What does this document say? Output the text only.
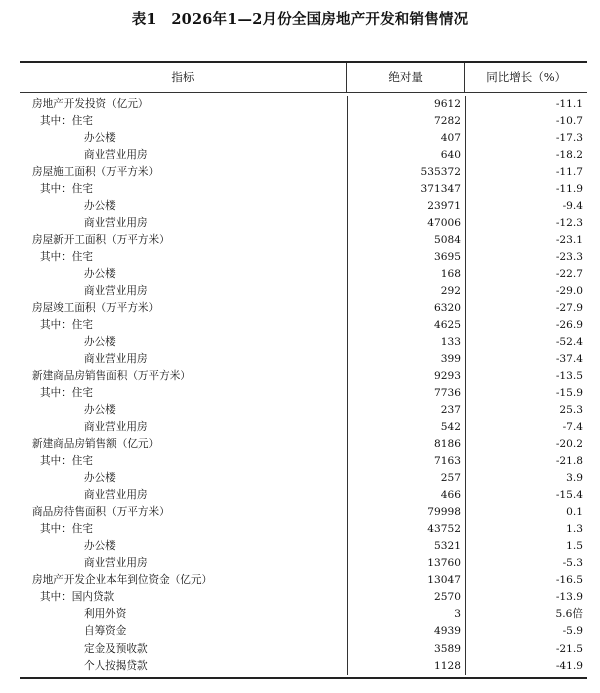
表1　2026年1—2月份全国房地产开发和销售情况
指标	绝对量	同比增长（%）
房地产开发投资（亿元）	9612	-11.1
其中：住宅	7282	-10.7
办公楼	407	-17.3
商业营业用房	640	-18.2
房屋施工面积（万平方米）	535372	-11.7
其中：住宅	371347	-11.9
办公楼	23971	-9.4
商业营业用房	47006	-12.3
房屋新开工面积（万平方米）	5084	-23.1
其中：住宅	3695	-23.3
办公楼	168	-22.7
商业营业用房	292	-29.0
房屋竣工面积（万平方米）	6320	-27.9
其中：住宅	4625	-26.9
办公楼	133	-52.4
商业营业用房	399	-37.4
新建商品房销售面积（万平方米）	9293	-13.5
其中：住宅	7736	-15.9
办公楼	237	25.3
商业营业用房	542	-7.4
新建商品房销售额（亿元）	8186	-20.2
其中：住宅	7163	-21.8
办公楼	257	3.9
商业营业用房	466	-15.4
商品房待售面积（万平方米）	79998	0.1
其中：住宅	43752	1.3
办公楼	5321	1.5
商业营业用房	13760	-5.3
房地产开发企业本年到位资金（亿元）	13047	-16.5
其中：国内贷款	2570	-13.9
利用外资	3	5.6倍
自筹资金	4939	-5.9
定金及预收款	3589	-21.5
个人按揭贷款	1128	-41.9
